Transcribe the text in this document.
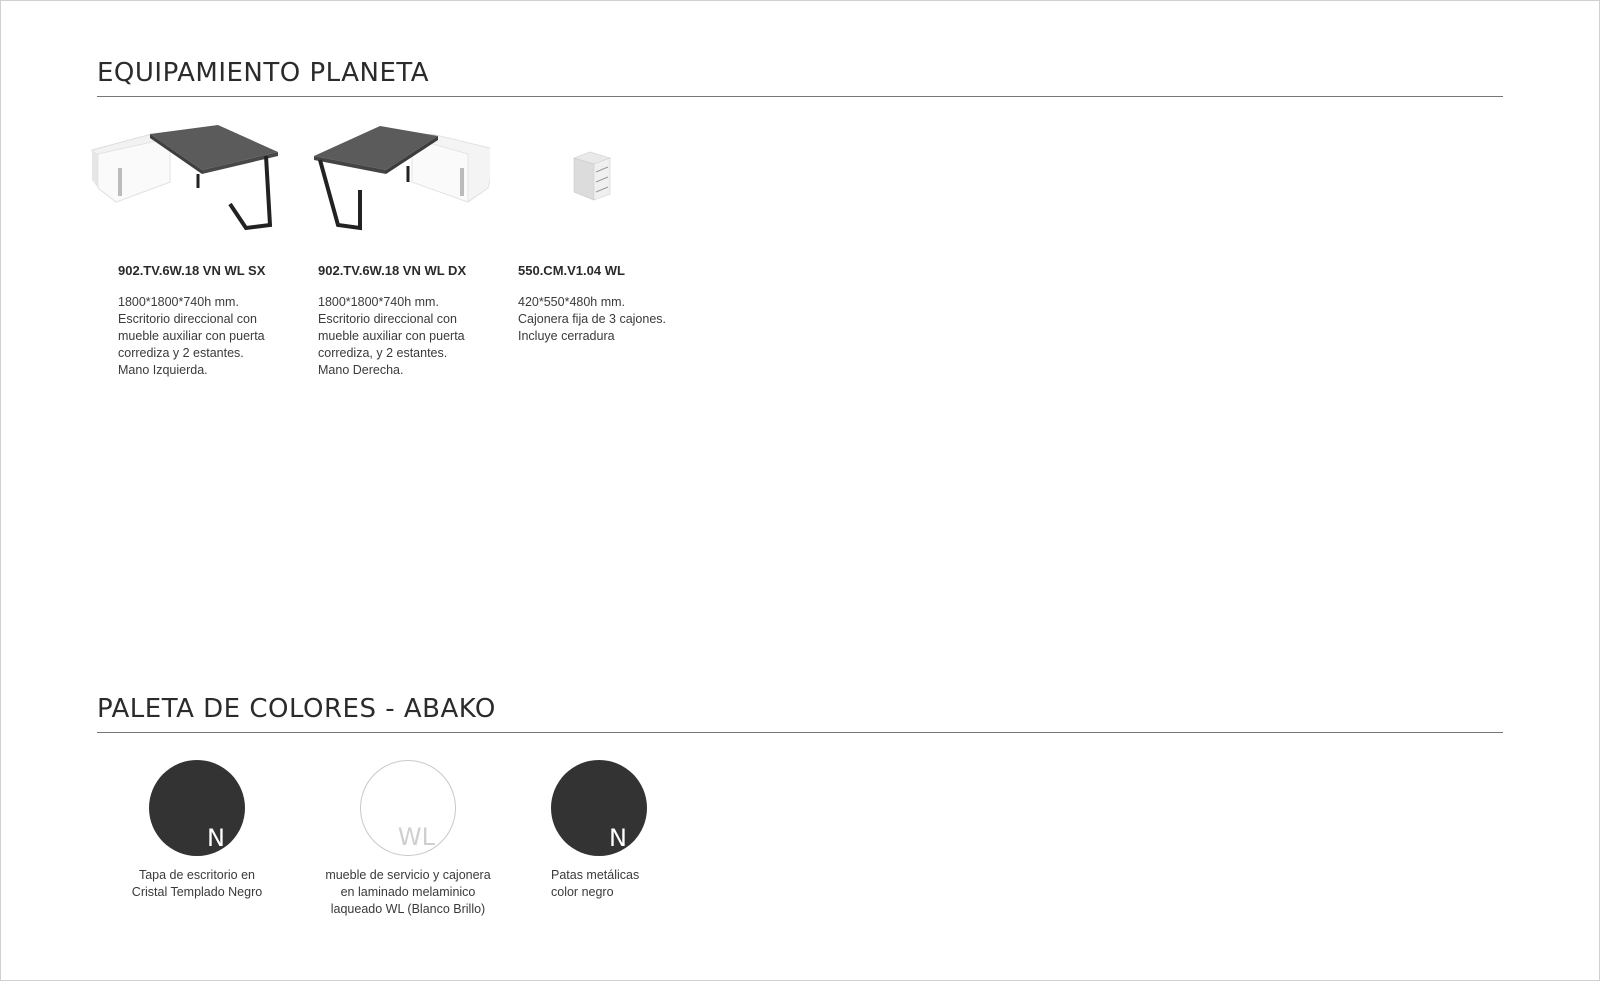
EQUIPAMIENTO PLANETA
902.TV.6W.18 VN WL SX
1800*1800*740h mm.
Escritorio direccional con
mueble auxiliar con puerta
corrediza y 2 estantes.
Mano Izquierda.
902.TV.6W.18 VN WL DX
1800*1800*740h mm.
Escritorio direccional con
mueble auxiliar con puerta
corrediza, y 2 estantes.
Mano Derecha.
550.CM.V1.04 WL
420*550*480h mm.
Cajonera fija de 3 cajones.
Incluye cerradura
PALETA DE COLORES - ABAKO
N
Tapa de escritorio en
Cristal Templado Negro
WL
mueble de servicio y cajonera
en laminado melaminico
laqueado WL (Blanco Brillo)
N
Patas metálicas
color negro
